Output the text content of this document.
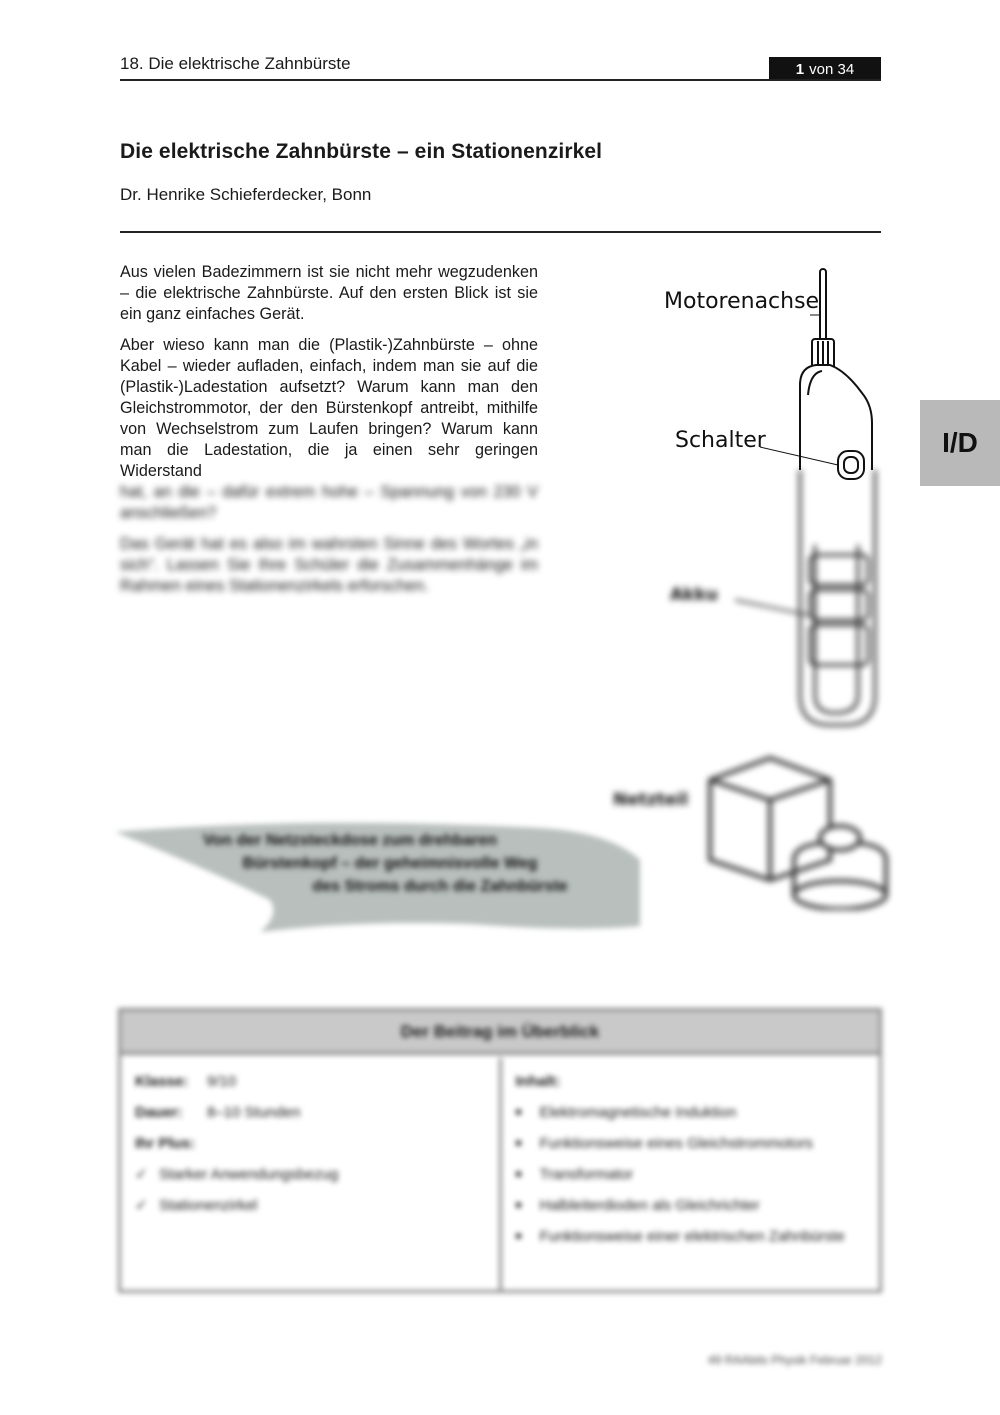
18. Die elektrische Zahnbürste	1 von 34
Die elektrische Zahnbürste – ein Stationenzirkel
Dr. Henrike Schieferdecker, Bonn
I/D

Aus vielen Badezimmern ist sie nicht mehr wegzudenken – die elektrische Zahnbürste. Auf den ersten Blick ist sie ein ganz einfaches Gerät.

Aber wieso kann man die (Plastik-)Zahnbürste – ohne Kabel – wieder aufladen, einfach, indem man sie auf die (Plastik-)Ladestation aufsetzt? Warum kann man den Gleichstrommotor, der den Bürstenkopf antreibt, mithilfe von Wechselstrom zum Laufen bringen? Warum kann man die Ladestation, die ja einen sehr geringen Widerstand

hat, an die – dafür extrem hohe – Spannung von 230 V anschließen?

Das Gerät hat es also im wahrsten Sinne des Wortes „in sich“. Lassen Sie Ihre Schüler die Zusammenhänge im Rahmen eines Stationenzirkels erforschen.

Motorenachse
Schalter
Akku
Netzteil
Von der Netzsteckdose zum drehbaren
Bürstenkopf – der geheimnisvolle Weg
des Stroms durch die Zahnbürste
Der Beitrag im Überblick
Klasse: 9/10
Dauer: 8–10 Stunden
Ihr Plus:
✓ Starker Anwendungsbezug
✓ Stationenzirkel
Inhalt:
■ Elektromagnetische Induktion
■ Funktionsweise eines Gleichstrommotors
■ Transformator
■ Halbleiterdioden als Gleichrichter
■ Funktionsweise einer elektrischen Zahnbürste
49 RAAbits Physik Februar 2012
